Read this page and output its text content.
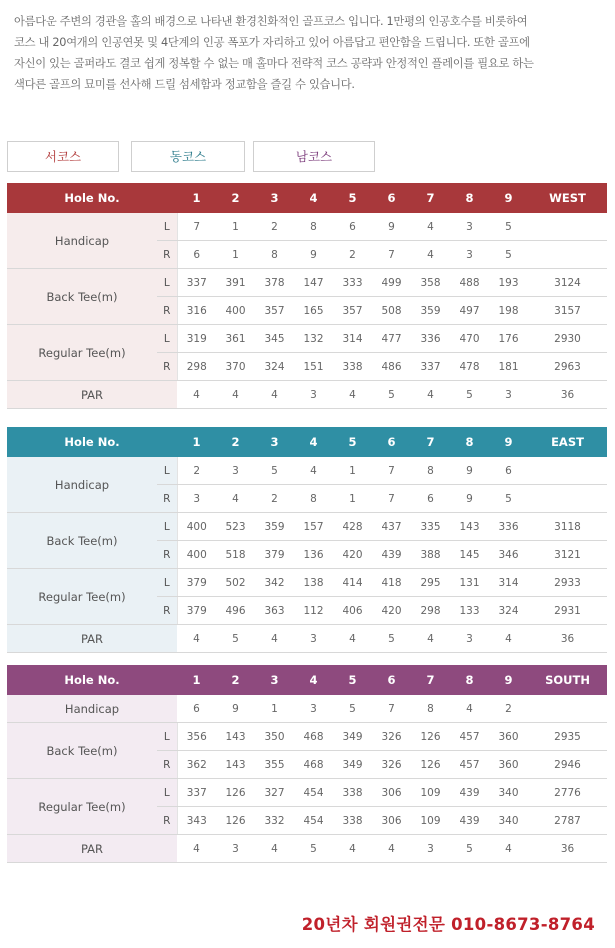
아름다운 주변의 경관을 홀의 배경으로 나타낸 환경친화적인 골프코스 입니다. 1만평의 인공호수를 비롯하여
코스 내 20여개의 인공연못 및 4단계의 인공 폭포가 자리하고 있어 아름답고 편안함을 드립니다. 또한 골프에
자신이 있는 골퍼라도 결코 쉽게 정복할 수 없는 매 홀마다 전략적 코스 공략과 안정적인 플레이를 필요로 하는
색다른 골프의 묘미를 선사해 드릴 섬세함과 정교함을 즐길 수 있습니다.
서코스	동코스	남코스
Hole No.		1	2	3	4	5	6	7	8	9	WEST
Handicap	L	7	1	2	8	6	9	4	3	5	
	R	6	1	8	9	2	7	4	3	5	
Back Tee(m)	L	337	391	378	147	333	499	358	488	193	3124
	R	316	400	357	165	357	508	359	497	198	3157
Regular Tee(m)	L	319	361	345	132	314	477	336	470	176	2930
	R	298	370	324	151	338	486	337	478	181	2963
PAR		4	4	4	3	4	5	4	5	3	36
Hole No.		1	2	3	4	5	6	7	8	9	EAST
Handicap	L	2	3	5	4	1	7	8	9	6	
	R	3	4	2	8	1	7	6	9	5	
Back Tee(m)	L	400	523	359	157	428	437	335	143	336	3118
	R	400	518	379	136	420	439	388	145	346	3121
Regular Tee(m)	L	379	502	342	138	414	418	295	131	314	2933
	R	379	496	363	112	406	420	298	133	324	2931
PAR		4	5	4	3	4	5	4	3	4	36
Hole No.		1	2	3	4	5	6	7	8	9	SOUTH
Handicap		6	9	1	3	5	7	8	4	2	
Back Tee(m)	L	356	143	350	468	349	326	126	457	360	2935
	R	362	143	355	468	349	326	126	457	360	2946
Regular Tee(m)	L	337	126	327	454	338	306	109	439	340	2776
	R	343	126	332	454	338	306	109	439	340	2787
PAR		4	3	4	5	4	4	3	5	4	36
20년차 회원권전문 010-8673-8764
